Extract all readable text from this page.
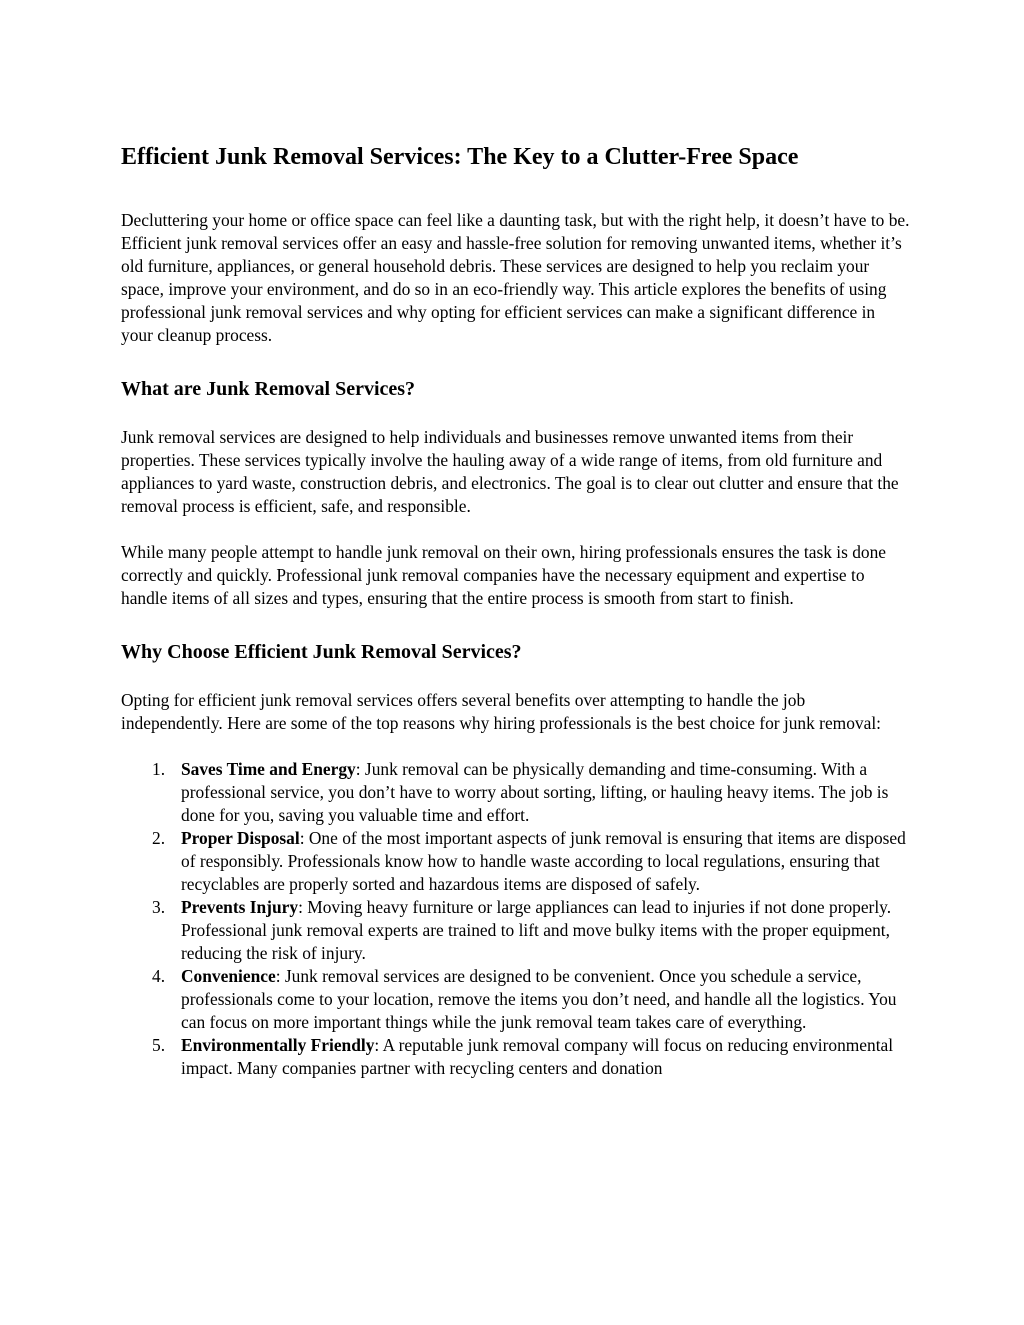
Efficient Junk Removal Services: The Key to a Clutter-Free Space

Decluttering your home or office space can feel like a daunting task, but with the right help, it doesn’t have to be. Efficient junk removal services offer an easy and hassle-free solution for removing unwanted items, whether it’s old furniture, appliances, or general household debris. These services are designed to help you reclaim your space, improve your environment, and do so in an eco-friendly way. This article explores the benefits of using professional junk removal services and why opting for efficient services can make a significant difference in your cleanup process.

What are Junk Removal Services?

Junk removal services are designed to help individuals and businesses remove unwanted items from their properties. These services typically involve the hauling away of a wide range of items, from old furniture and appliances to yard waste, construction debris, and electronics. The goal is to clear out clutter and ensure that the removal process is efficient, safe, and responsible.

While many people attempt to handle junk removal on their own, hiring professionals ensures the task is done correctly and quickly. Professional junk removal companies have the necessary equipment and expertise to handle items of all sizes and types, ensuring that the entire process is smooth from start to finish.

Why Choose Efficient Junk Removal Services?

Opting for efficient junk removal services offers several benefits over attempting to handle the job independently. Here are some of the top reasons why hiring professionals is the best choice for junk removal:

1. Saves Time and Energy: Junk removal can be physically demanding and time-consuming. With a professional service, you don’t have to worry about sorting, lifting, or hauling heavy items. The job is done for you, saving you valuable time and effort.
2. Proper Disposal: One of the most important aspects of junk removal is ensuring that items are disposed of responsibly. Professionals know how to handle waste according to local regulations, ensuring that recyclables are properly sorted and hazardous items are disposed of safely.
3. Prevents Injury: Moving heavy furniture or large appliances can lead to injuries if not done properly. Professional junk removal experts are trained to lift and move bulky items with the proper equipment, reducing the risk of injury.
4. Convenience: Junk removal services are designed to be convenient. Once you schedule a service, professionals come to your location, remove the items you don’t need, and handle all the logistics. You can focus on more important things while the junk removal team takes care of everything.
5. Environmentally Friendly: A reputable junk removal company will focus on reducing environmental impact. Many companies partner with recycling centers and donation
